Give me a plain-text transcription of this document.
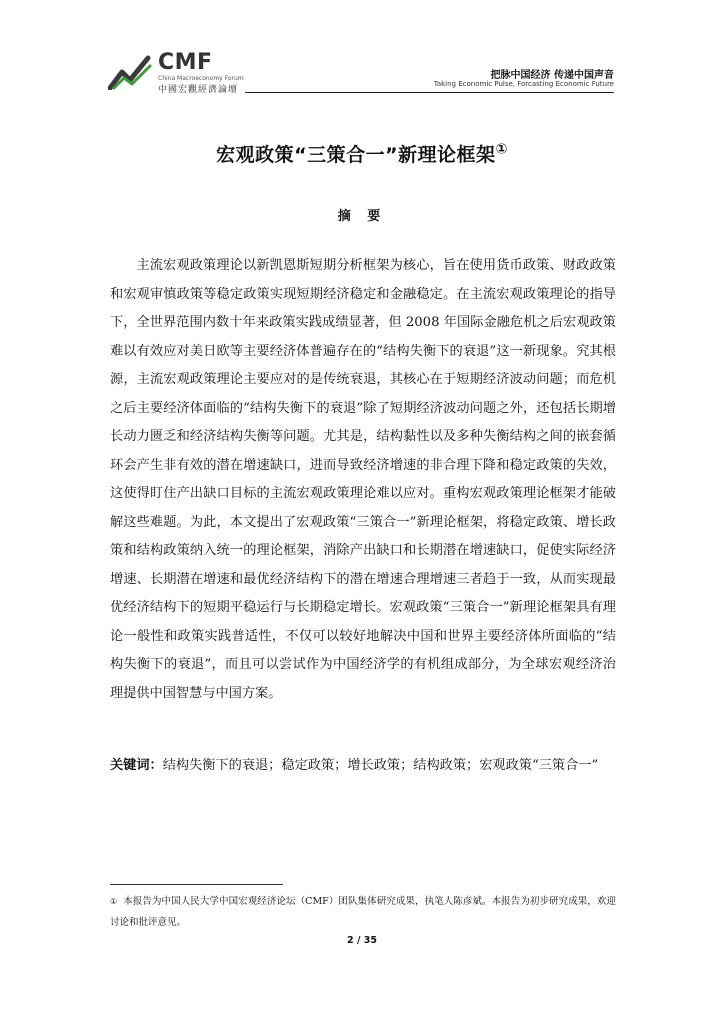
CMF
China Macroeconomy Forum
中國宏觀經濟論壇
把脉中国经济 传递中国声音
Taking Economic Pulse, Forcasting Economic Future
宏观政策“三策合一”新理论框架①
摘 要

主流宏观政策理论以新凯恩斯短期分析框架为核心，旨在使用货币政策、财政政策和宏观审慎政策等稳定政策实现短期经济稳定和金融稳定。在主流宏观政策理论的指导下，全世界范围内数十年来政策实践成绩显著，但 2008 年国际金融危机之后宏观政策难以有效应对美日欧等主要经济体普遍存在的“结构失衡下的衰退”这一新现象。究其根源，主流宏观政策理论主要应对的是传统衰退，其核心在于短期经济波动问题；而危机之后主要经济体面临的“结构失衡下的衰退”除了短期经济波动问题之外，还包括长期增长动力匮乏和经济结构失衡等问题。尤其是，结构黏性以及多种失衡结构之间的嵌套循环会产生非有效的潜在增速缺口，进而导致经济增速的非合理下降和稳定政策的失效，这使得盯住产出缺口目标的主流宏观政策理论难以应对。重构宏观政策理论框架才能破解这些难题。为此，本文提出了宏观政策“三策合一”新理论框架，将稳定政策、增长政策和结构政策纳入统一的理论框架，消除产出缺口和长期潜在增速缺口，促使实际经济增速、长期潜在增速和最优经济结构下的潜在增速合理增速三者趋于一致，从而实现最优经济结构下的短期平稳运行与长期稳定增长。宏观政策“三策合一”新理论框架具有理论一般性和政策实践普适性，不仅可以较好地解决中国和世界主要经济体所面临的“结构失衡下的衰退”，而且可以尝试作为中国经济学的有机组成部分，为全球宏观经济治理提供中国智慧与中国方案。

关键词：结构失衡下的衰退；稳定政策；增长政策；结构政策；宏观政策“三策合一”

① 本报告为中国人民大学中国宏观经济论坛（CMF）团队集体研究成果，执笔人陈彦斌。本报告为初步研究成果，欢迎讨论和批评意见。

2 / 35
